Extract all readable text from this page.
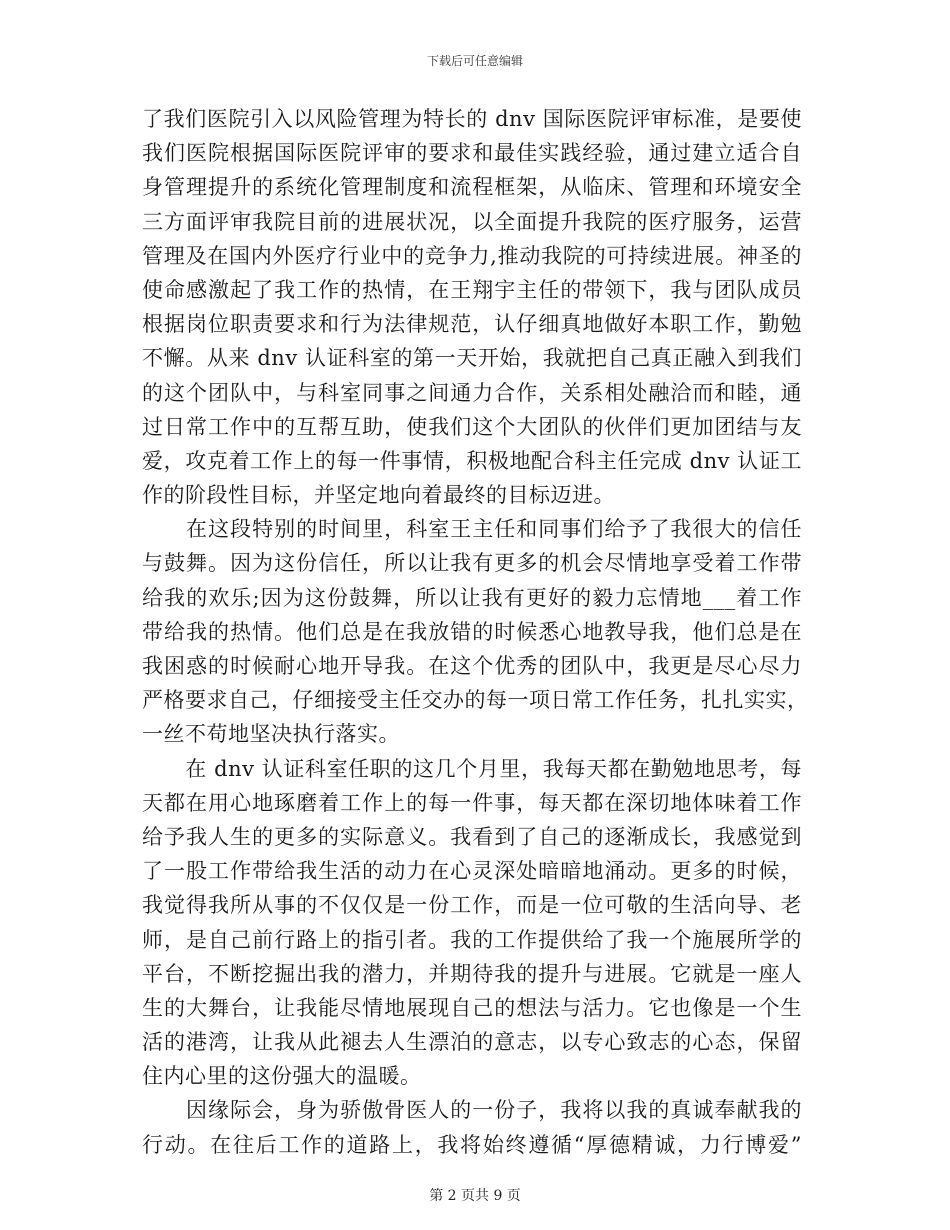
下载后可任意编辑
了我们医院引入以风险管理为特长的 dnv 国际医院评审标准，是要使
我们医院根据国际医院评审的要求和最佳实践经验，通过建立适合自
身管理提升的系统化管理制度和流程框架，从临床、管理和环境安全
三方面评审我院目前的进展状况，以全面提升我院的医疗服务，运营
管理及在国内外医疗行业中的竞争力,推动我院的可持续进展。神圣的
使命感激起了我工作的热情，在王翔宇主任的带领下，我与团队成员
根据岗位职责要求和行为法律规范，认仔细真地做好本职工作，勤勉
不懈。从来 dnv 认证科室的第一天开始，我就把自己真正融入到我们
的这个团队中，与科室同事之间通力合作，关系相处融洽而和睦，通
过日常工作中的互帮互助，使我们这个大团队的伙伴们更加团结与友
爱，攻克着工作上的每一件事情，积极地配合科主任完成 dnv 认证工
作的阶段性目标，并坚定地向着最终的目标迈进。
　　在这段特别的时间里，科室王主任和同事们给予了我很大的信任
与鼓舞。因为这份信任，所以让我有更多的机会尽情地享受着工作带
给我的欢乐;因为这份鼓舞，所以让我有更好的毅力忘情地___着工作
带给我的热情。他们总是在我放错的时候悉心地教导我，他们总是在
我困惑的时候耐心地开导我。在这个优秀的团队中，我更是尽心尽力
严格要求自己，仔细接受主任交办的每一项日常工作任务，扎扎实实，
一丝不苟地坚决执行落实。
　　在 dnv 认证科室任职的这几个月里，我每天都在勤勉地思考，每
天都在用心地琢磨着工作上的每一件事，每天都在深切地体味着工作
给予我人生的更多的实际意义。我看到了自己的逐渐成长，我感觉到
了一股工作带给我生活的动力在心灵深处暗暗地涌动。更多的时候，
我觉得我所从事的不仅仅是一份工作，而是一位可敬的生活向导、老
师，是自己前行路上的指引者。我的工作提供给了我一个施展所学的
平台，不断挖掘出我的潜力，并期待我的提升与进展。它就是一座人
生的大舞台，让我能尽情地展现自己的想法与活力。它也像是一个生
活的港湾，让我从此褪去人生漂泊的意志，以专心致志的心态，保留
住内心里的这份强大的温暖。
　　因缘际会，身为骄傲骨医人的一份子，我将以我的真诚奉献我的
行动。在往后工作的道路上，我将始终遵循“厚德精诚，力行博爱”
第 2 页共 9 页
